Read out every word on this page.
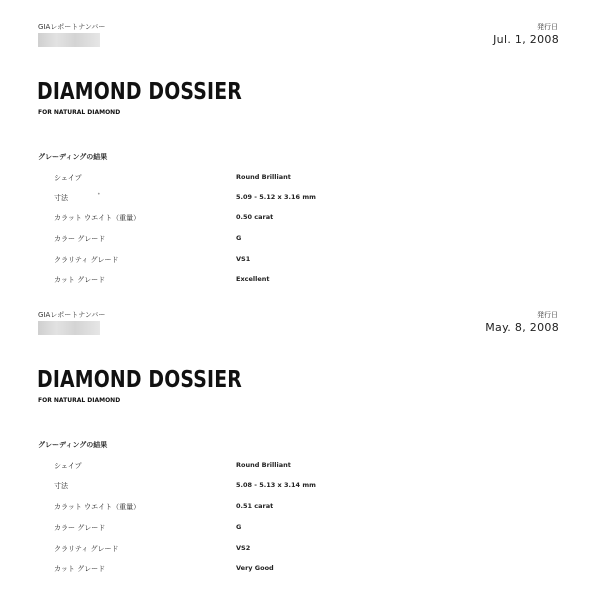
GIAレポートナンバー	発行日
Jul. 1, 2008
DIAMOND DOSSIER
FOR NATURAL DIAMOND
グレーディングの結果
シェイプ	Round Brilliant
寸法	•	5.09 - 5.12 x 3.16 mm
カラット ウエイト（重量）	0.50 carat
カラー グレード	G
クラリティ グレード	VS1
カット グレード	Excellent
GIAレポートナンバー	発行日
May. 8, 2008
DIAMOND DOSSIER
FOR NATURAL DIAMOND
グレーディングの結果
シェイプ	Round Brilliant
寸法	5.08 - 5.13 x 3.14 mm
カラット ウエイト（重量）	0.51 carat
カラー グレード	G
クラリティ グレード	VS2
カット グレード	Very Good
